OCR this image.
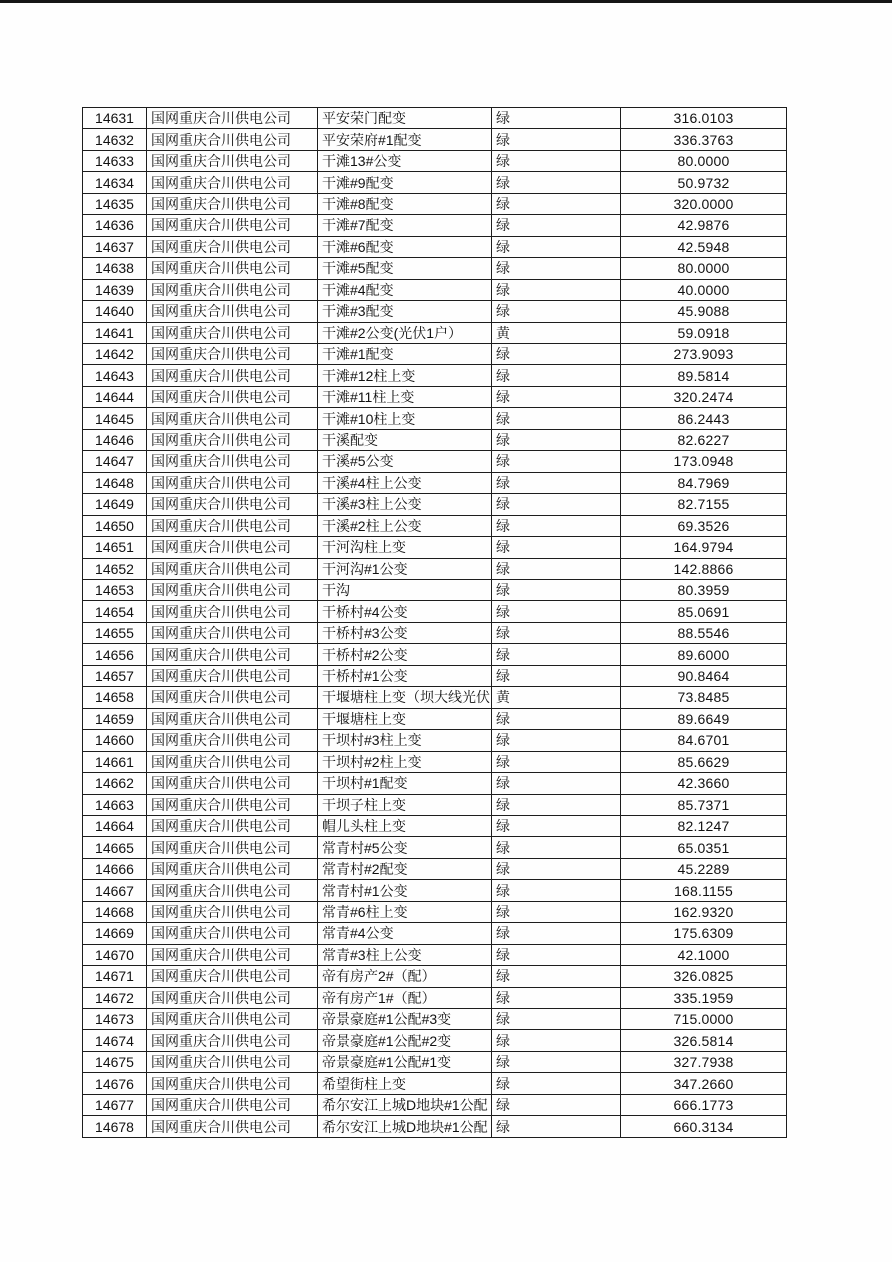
14631	国网重庆合川供电公司	平安荣门配变	绿	316.0103
14632	国网重庆合川供电公司	平安荣府#1配变	绿	336.3763
14633	国网重庆合川供电公司	干滩13#公变	绿	80.0000
14634	国网重庆合川供电公司	干滩#9配变	绿	50.9732
14635	国网重庆合川供电公司	干滩#8配变	绿	320.0000
14636	国网重庆合川供电公司	干滩#7配变	绿	42.9876
14637	国网重庆合川供电公司	干滩#6配变	绿	42.5948
14638	国网重庆合川供电公司	干滩#5配变	绿	80.0000
14639	国网重庆合川供电公司	干滩#4配变	绿	40.0000
14640	国网重庆合川供电公司	干滩#3配变	绿	45.9088
14641	国网重庆合川供电公司	干滩#2公变(光伏1户）	黄	59.0918
14642	国网重庆合川供电公司	干滩#1配变	绿	273.9093
14643	国网重庆合川供电公司	干滩#12柱上变	绿	89.5814
14644	国网重庆合川供电公司	干滩#11柱上变	绿	320.2474
14645	国网重庆合川供电公司	干滩#10柱上变	绿	86.2443
14646	国网重庆合川供电公司	干溪配变	绿	82.6227
14647	国网重庆合川供电公司	干溪#5公变	绿	173.0948
14648	国网重庆合川供电公司	干溪#4柱上公变	绿	84.7969
14649	国网重庆合川供电公司	干溪#3柱上公变	绿	82.7155
14650	国网重庆合川供电公司	干溪#2柱上公变	绿	69.3526
14651	国网重庆合川供电公司	干河沟柱上变	绿	164.9794
14652	国网重庆合川供电公司	干河沟#1公变	绿	142.8866
14653	国网重庆合川供电公司	干沟	绿	80.3959
14654	国网重庆合川供电公司	干桥村#4公变	绿	85.0691
14655	国网重庆合川供电公司	干桥村#3公变	绿	88.5546
14656	国网重庆合川供电公司	干桥村#2公变	绿	89.6000
14657	国网重庆合川供电公司	干桥村#1公变	绿	90.8464
14658	国网重庆合川供电公司	干堰塘柱上变（坝大线光伏	黄	73.8485
14659	国网重庆合川供电公司	干堰塘柱上变	绿	89.6649
14660	国网重庆合川供电公司	干坝村#3柱上变	绿	84.6701
14661	国网重庆合川供电公司	干坝村#2柱上变	绿	85.6629
14662	国网重庆合川供电公司	干坝村#1配变	绿	42.3660
14663	国网重庆合川供电公司	干坝子柱上变	绿	85.7371
14664	国网重庆合川供电公司	帽儿头柱上变	绿	82.1247
14665	国网重庆合川供电公司	常青村#5公变	绿	65.0351
14666	国网重庆合川供电公司	常青村#2配变	绿	45.2289
14667	国网重庆合川供电公司	常青村#1公变	绿	168.1155
14668	国网重庆合川供电公司	常青#6柱上变	绿	162.9320
14669	国网重庆合川供电公司	常青#4公变	绿	175.6309
14670	国网重庆合川供电公司	常青#3柱上公变	绿	42.1000
14671	国网重庆合川供电公司	帝有房产2#（配）	绿	326.0825
14672	国网重庆合川供电公司	帝有房产1#（配）	绿	335.1959
14673	国网重庆合川供电公司	帝景豪庭#1公配#3变	绿	715.0000
14674	国网重庆合川供电公司	帝景豪庭#1公配#2变	绿	326.5814
14675	国网重庆合川供电公司	帝景豪庭#1公配#1变	绿	327.7938
14676	国网重庆合川供电公司	希望街柱上变	绿	347.2660
14677	国网重庆合川供电公司	希尔安江上城D地块#1公配	绿	666.1773
14678	国网重庆合川供电公司	希尔安江上城D地块#1公配	绿	660.3134
